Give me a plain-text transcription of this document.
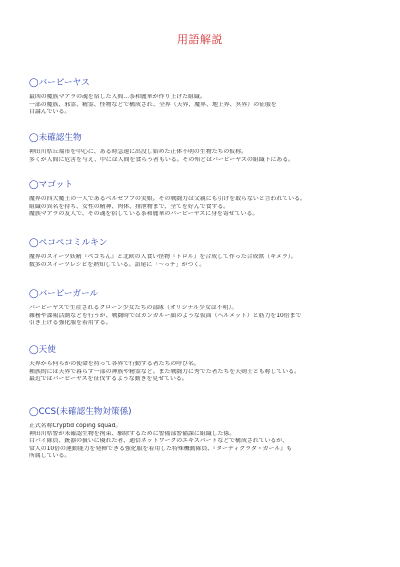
用語解説
◯バーピーヤス
最凶の魔族マアラの魂を宿した人間…茶和麗華が作り上げた組織。
一部の魔族、邪霊、精霊、怪物などで構成され、全界（天界、魔界、地上界、冥界）の征服を
目論んでいる。
◯未確認生物
神田川県丘端市を中心に、ある時急速に出没し始めた正体不明の生物たちの仮称。
多くが人間に危害を与え、中には人間を食らう者もいる。その殆どはバーピーヤスの組織下にある。
◯マゴット
魔界の四大魔王の一人であるベルゼブブの実娘。その戦闘力は父親にも引けを取らないと言われている。
組織の異名を持ち、女性の精神、肉体、排泄物まで、全てを好んで食する。
魔族マアラの友人で、その魂を宿している茶和麗華のバーピーヤスに身を寄せている。
◯ペコペコミルキン
魔界のスイーツ妖精『ペコちん』と北欧の人食い怪物『トロル』を合成して作った合成獣（キメラ）。
数多のスイーツレシピを熟知している。語尾に「～っチ」がつく。
◯バーピーガール
バーピーヤスで生産されるクローン少女たちの部隊（オリジナル少女は不明）。
雑務や諜報活動などを行うが、戦闘時ではカンガルー顔のような仮面（ヘルメット）と筋力を10倍まで
引き上げる強化服を着用する。
◯天使
天界から何らかの使命を持って各界で行動する者たちの呼び名。
種族的には天界で暮らす一部の神族や精霊など。また戦闘力に秀でた者たちを天剣士とも称している。
最近ではバーピーヤスを征伐するような動きを見せている。
◯CCS(未確認生物対策係)
正式名称Cryptid coping squad。
神田川県警が未確認生物を拘束、駆除するために警備部警備課に組織した係。
白バイ隊員、銃器の扱いに優れた者、通信ネットワークのエキスパートなどで構成されているが、
常人の10倍の運動能力を発揮できる強化服を着用した特殊機動隊員、『ターディグラダ・ガール』も
所属している。
